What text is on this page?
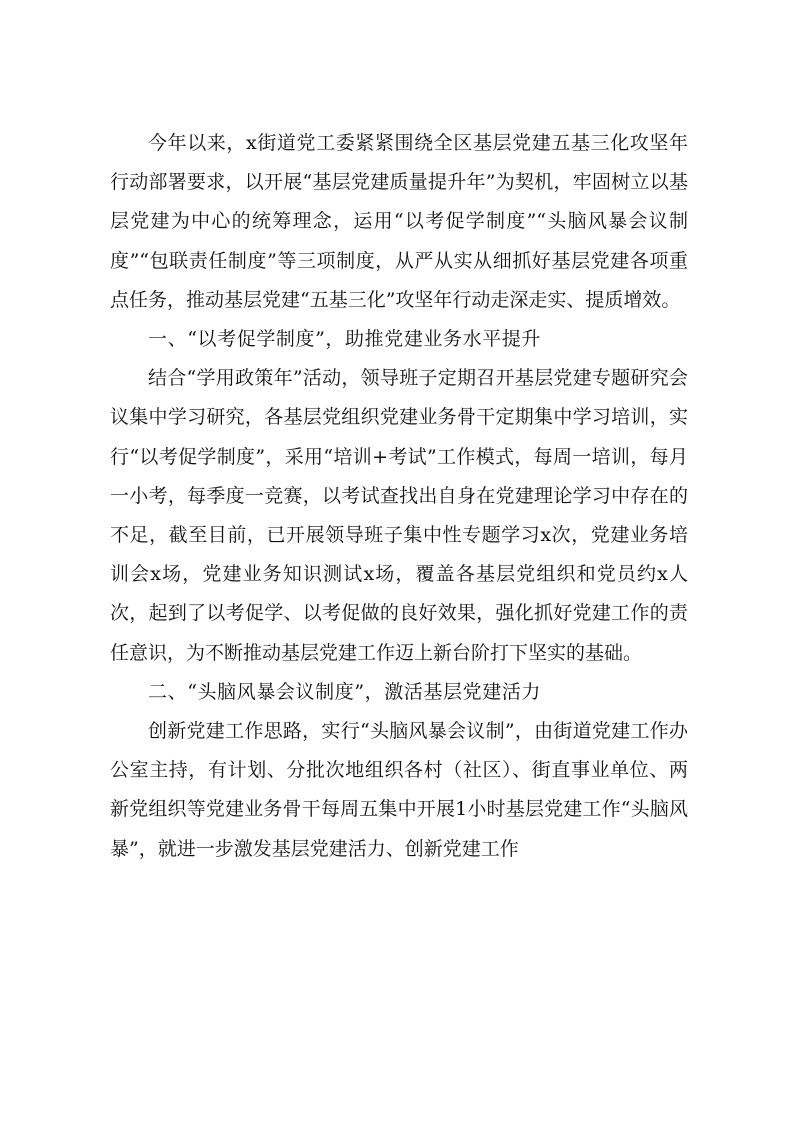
今年以来，x街道党工委紧紧围绕全区基层党建五基三化攻坚年行动部署要求，以开展“基层党建质量提升年”为契机，牢固树立以基层党建为中心的统筹理念，运用“以考促学制度”“头脑风暴会议制度”“包联责任制度”等三项制度，从严从实从细抓好基层党建各项重点任务，推动基层党建“五基三化”攻坚年行动走深走实、提质增效。

一、“以考促学制度”，助推党建业务水平提升

结合“学用政策年”活动，领导班子定期召开基层党建专题研究会议集中学习研究，各基层党组织党建业务骨干定期集中学习培训，实行“以考促学制度”，采用“培训+考试”工作模式，每周一培训，每月一小考，每季度一竞赛，以考试查找出自身在党建理论学习中存在的不足，截至目前，已开展领导班子集中性专题学习x次，党建业务培训会x场，党建业务知识测试x场，覆盖各基层党组织和党员约x人次，起到了以考促学、以考促做的良好效果，强化抓好党建工作的责任意识，为不断推动基层党建工作迈上新台阶打下坚实的基础。

二、“头脑风暴会议制度”，激活基层党建活力

创新党建工作思路，实行“头脑风暴会议制”，由街道党建工作办公室主持，有计划、分批次地组织各村（社区）、街直事业单位、两新党组织等党建业务骨干每周五集中开展1小时基层党建工作“头脑风暴”，就进一步激发基层党建活力、创新党建工作
